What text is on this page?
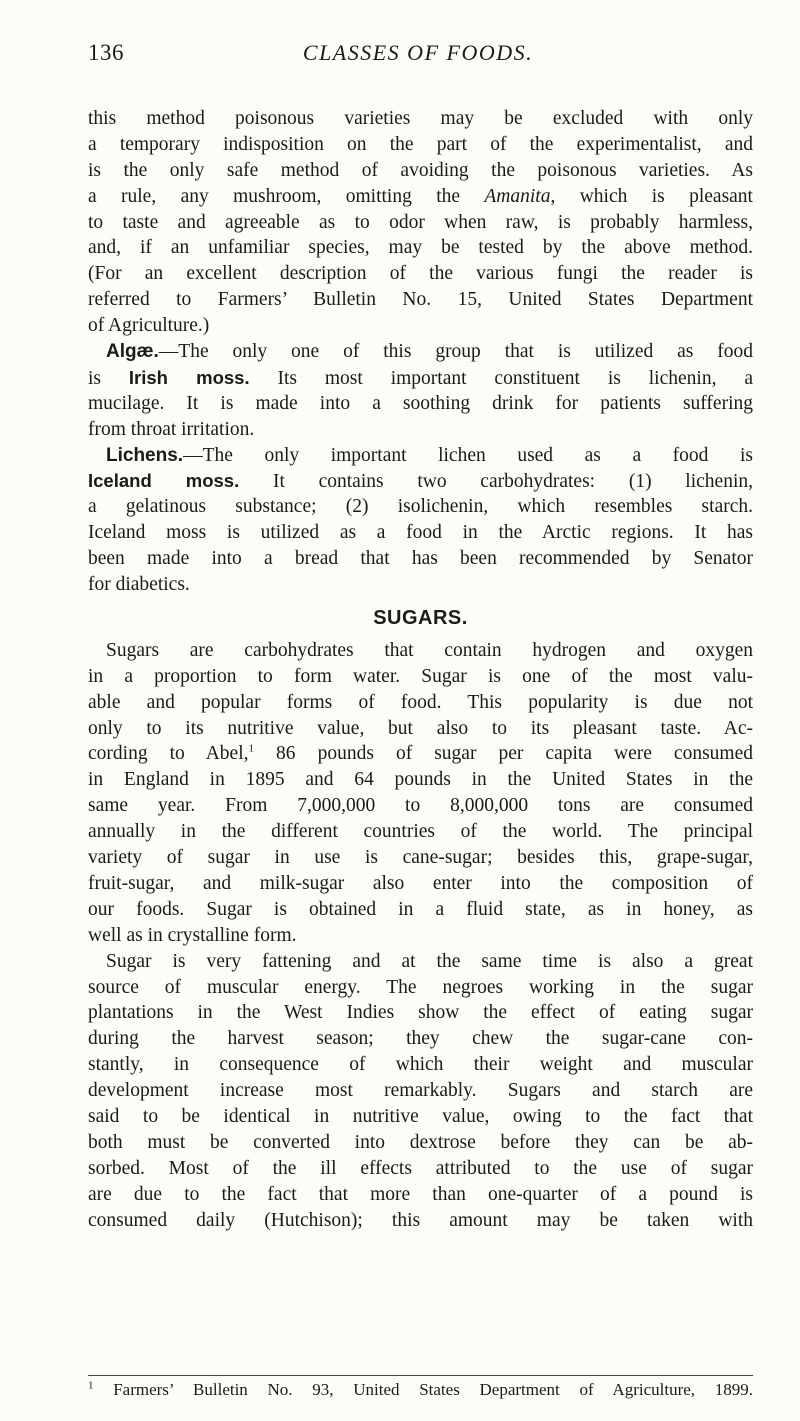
136	CLASSES OF FOODS.
this method poisonous varieties may be excluded with only
a temporary indisposition on the part of the experimentalist, and
is the only safe method of avoiding the poisonous varieties. As
a rule, any mushroom, omitting the Amanita, which is pleasant
to taste and agreeable as to odor when raw, is probably harmless,
and, if an unfamiliar species, may be tested by the above method.
(For an excellent description of the various fungi the reader is
referred to Farmers’ Bulletin No. 15, United States Department
of Agriculture.)
Algæ.—The only one of this group that is utilized as food
is Irish moss. Its most important constituent is lichenin, a
mucilage. It is made into a soothing drink for patients suffering
from throat irritation.
Lichens.—The only important lichen used as a food is
Iceland moss. It contains two carbohydrates: (1) lichenin,
a gelatinous substance; (2) isolichenin, which resembles starch.
Iceland moss is utilized as a food in the Arctic regions. It has
been made into a bread that has been recommended by Senator
for diabetics.
SUGARS.
Sugars are carbohydrates that contain hydrogen and oxygen
in a proportion to form water. Sugar is one of the most valu-
able and popular forms of food. This popularity is due not
only to its nutritive value, but also to its pleasant taste. Ac-
cording to Abel,$^1$ 86 pounds of sugar per capita were consumed
in England in 1895 and 64 pounds in the United States in the
same year. From 7,000,000 to 8,000,000 tons are consumed
annually in the different countries of the world. The principal
variety of sugar in use is cane-sugar; besides this, grape-sugar,
fruit-sugar, and milk-sugar also enter into the composition of
our foods. Sugar is obtained in a fluid state, as in honey, as
well as in crystalline form.
Sugar is very fattening and at the same time is also a great
source of muscular energy. The negroes working in the sugar
plantations in the West Indies show the effect of eating sugar
during the harvest season; they chew the sugar-cane con-
stantly, in consequence of which their weight and muscular
development increase most remarkably. Sugars and starch are
said to be identical in nutritive value, owing to the fact that
both must be converted into dextrose before they can be ab-
sorbed. Most of the ill effects attributed to the use of sugar
are due to the fact that more than one-quarter of a pound is
consumed daily (Hutchison); this amount may be taken with
$^1$ Farmers’ Bulletin No. 93, United States Department of Agriculture, 1899.
